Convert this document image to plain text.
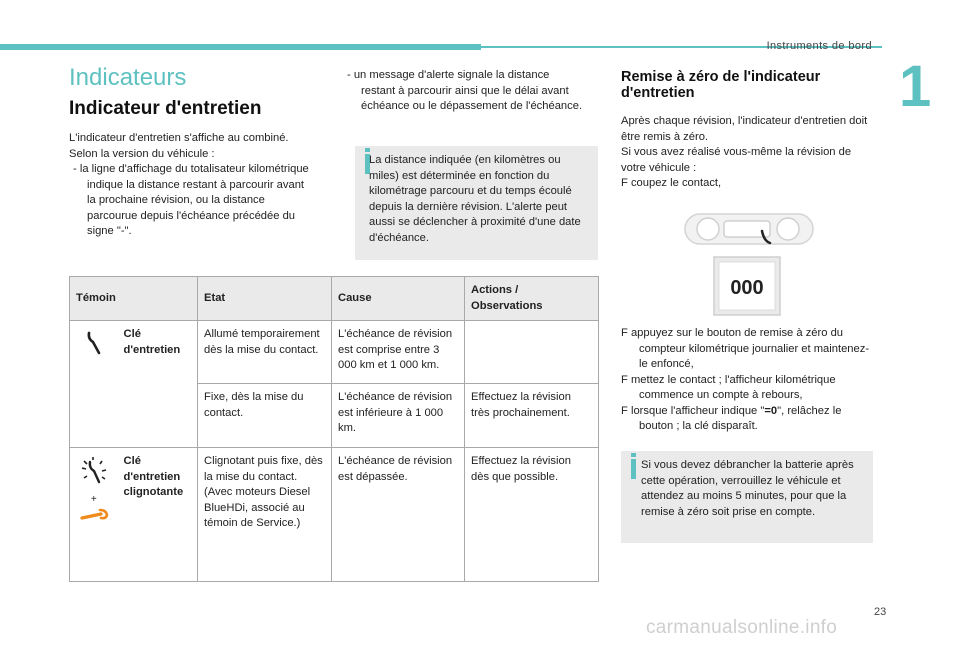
Instruments de bord
1
Indicateurs
Indicateur d'entretien

L'indicateur d'entretien s'affiche au combiné.

Selon la version du véhicule :

- la ligne d'affichage du totalisateur kilométrique indique la distance restant à parcourir avant la prochaine révision, ou la distance parcourue depuis l'échéance précédée du signe "-".

- un message d'alerte signale la distance restant à parcourir ainsi que le délai avant échéance ou le dépassement de l'échéance.

La distance indiquée (en kilomètres ou miles) est déterminée en fonction du kilométrage parcouru et du temps écoulé depuis la dernière révision. L'alerte peut aussi se déclencher à proximité d'une date d'échéance.
Remise à zéro de l'indicateur d'entretien

Après chaque révision, l'indicateur d'entretien doit être remis à zéro.

Si vous avez réalisé vous-même la révision de votre véhicule :

F coupez le contact,

000

F appuyez sur le bouton de remise à zéro du compteur kilométrique journalier et maintenez-le enfoncé,

F mettez le contact ; l'afficheur kilométrique commence un compte à rebours,

F lorsque l'afficheur indique "=0", relâchez le bouton ; la clé disparaît.

Si vous devez débrancher la batterie après cette opération, verrouillez le véhicule et attendez au moins 5 minutes, pour que la remise à zéro soit prise en compte.
Témoin		Etat	Cause	Actions / Observations
	Clé d'entretien	Allumé temporairement dès la mise du contact.	L'échéance de révision est comprise entre 3 000 km et 1 000 km.	
		Fixe, dès la mise du contact.	L'échéance de révision est inférieure à 1 000 km.	Effectuez la révision très prochainement.

+	Clé d'entretien clignotante	Clignotant puis fixe, dès la mise du contact. (Avec moteurs Diesel BlueHDi, associé au témoin de Service.)	L'échéance de révision est dépassée.	Effectuez la révision dès que possible.
23
carmanualsonline.info
